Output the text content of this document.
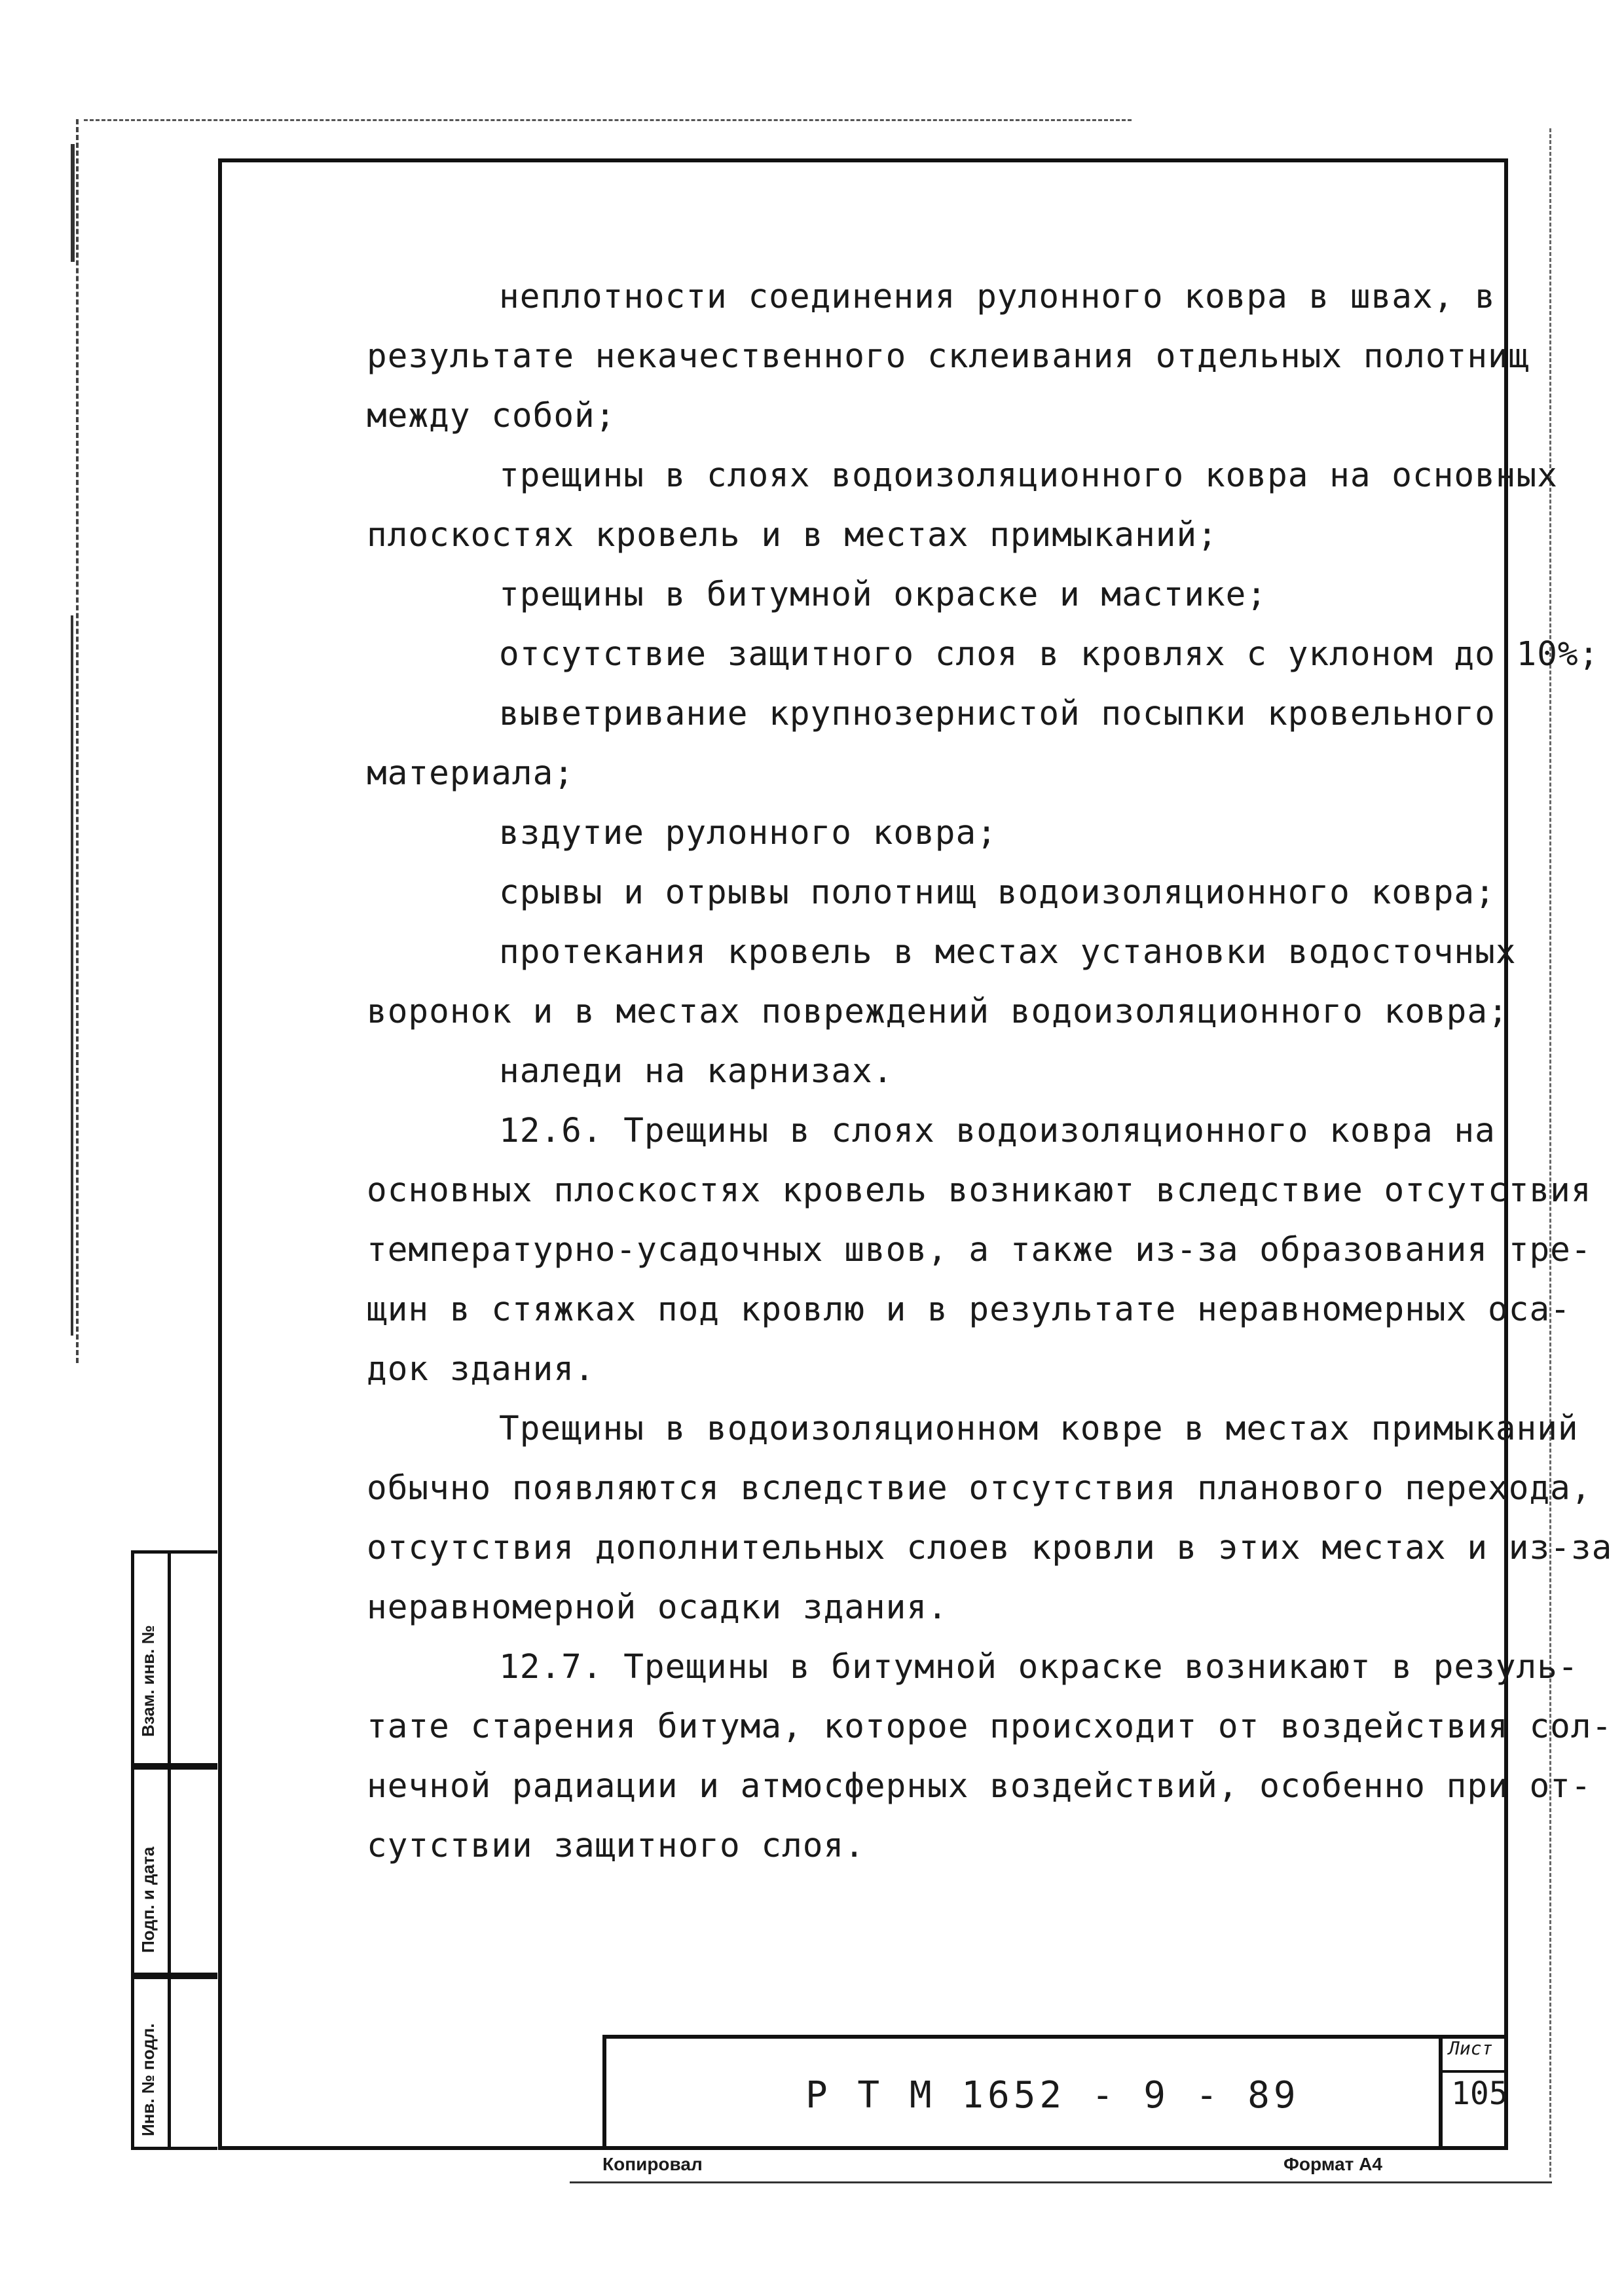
неплотности соединения рулонного ковра в швах, в
результате некачественного склеивания отдельных полотнищ
между собой;
трещины в слоях водоизоляционного ковра на основных
плоскостях кровель и в местах примыканий;
трещины в битумной окраске и мастике;
отсутствие защитного слоя в кровлях с уклоном до 10%;
выветривание крупнозернистой посыпки кровельного
материала;
вздутие рулонного ковра;
срывы и отрывы полотнищ водоизоляционного ковра;
протекания кровель в местах установки водосточных
воронок и в местах повреждений водоизоляционного ковра;
наледи на карнизах.
12.6. Трещины в слоях водоизоляционного ковра на
основных плоскостях кровель возникают вследствие отсутствия
температурно-усадочных швов, а также из-за образования тре-
щин в стяжках под кровлю и в результате неравномерных оса-
док здания.
Трещины в водоизоляционном ковре в местах примыканий
обычно появляются вследствие отсутствия планового перехода,
отсутствия дополнительных слоев кровли в этих местах и из-за
неравномерной осадки здания.
12.7. Трещины в битумной окраске возникают в резуль-
тате старения битума, которое происходит от воздействия сол-
нечной радиации и атмосферных воздействий, особенно при от-
сутствии защитного слоя.
Р Т М 1652 - 9 - 89
Лист
105
Копировал	Формат А4
Взам. инв. №
Подп. и дата
Инв. № подл.
